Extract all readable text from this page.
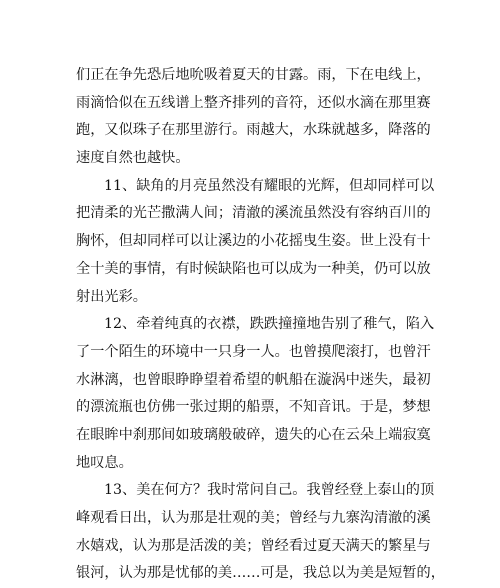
们正在争先恐后地吮吸着夏天的甘露。雨，下在电线上，
雨滴恰似在五线谱上整齐排列的音符，还似水滴在那里赛
跑，又似珠子在那里游行。雨越大，水珠就越多，降落的
速度自然也越快。
11、缺角的月亮虽然没有耀眼的光辉，但却同样可以
把清柔的光芒撒满人间；清澈的溪流虽然没有容纳百川的
胸怀，但却同样可以让溪边的小花摇曳生姿。世上没有十
全十美的事情，有时候缺陷也可以成为一种美，仍可以放
射出光彩。
12、牵着纯真的衣襟，跌跌撞撞地告别了稚气，陷入
了一个陌生的环境中一只身一人。也曾摸爬滚打，也曾汗
水淋漓，也曾眼睁睁望着希望的帆船在漩涡中迷失，最初
的漂流瓶也仿佛一张过期的船票，不知音讯。于是，梦想
在眼眸中刹那间如玻璃般破碎，遗失的心在云朵上端寂寞
地叹息。
13、美在何方？我时常问自己。我曾经登上泰山的顶
峰观看日出，认为那是壮观的美；曾经与九寨沟清澈的溪
水嬉戏，认为那是活泼的美；曾经看过夏天满天的繁星与
银河，认为那是忧郁的美……可是，我总以为美是短暂的，
